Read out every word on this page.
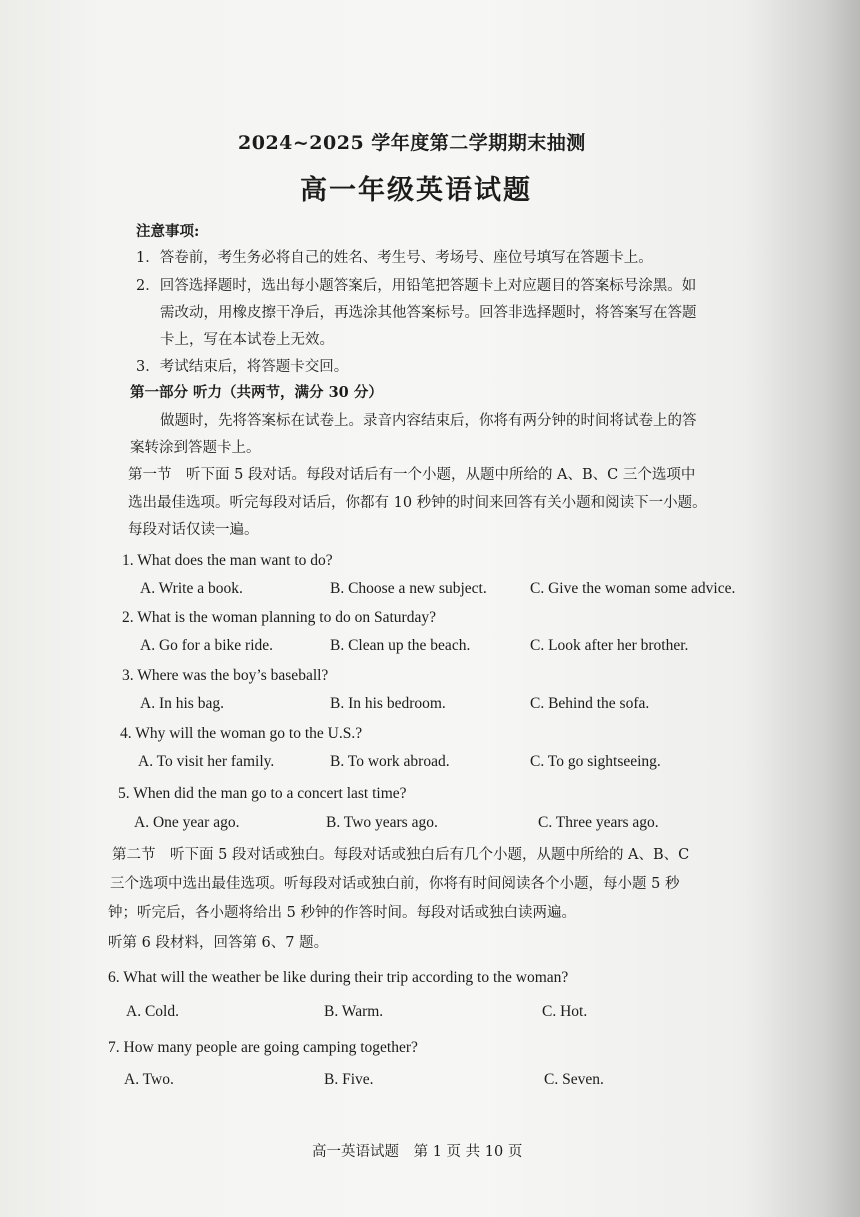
2024~2025 学年度第二学期期末抽测
高一年级英语试题
注意事项:
1．答卷前，考生务必将自己的姓名、考生号、考场号、座位号填写在答题卡上。
2．回答选择题时，选出每小题答案后，用铅笔把答题卡上对应题目的答案标号涂黑。如
需改动，用橡皮擦干净后，再选涂其他答案标号。回答非选择题时，将答案写在答题
卡上，写在本试卷上无效。
3．考试结束后，将答题卡交回。
第一部分 听力（共两节，满分 30 分）
做题时，先将答案标在试卷上。录音内容结束后，你将有两分钟的时间将试卷上的答
案转涂到答题卡上。
第一节　听下面 5 段对话。每段对话后有一个小题，从题中所给的 A、B、C 三个选项中
选出最佳选项。听完每段对话后，你都有 10 秒钟的时间来回答有关小题和阅读下一小题。
每段对话仅读一遍。
1. What does the man want to do?
A. Write a book.	B. Choose a new subject.	C. Give the woman some advice.
2. What is the woman planning to do on Saturday?
A. Go for a bike ride.	B. Clean up the beach.	C. Look after her brother.
3. Where was the boy’s baseball?
A. In his bag.	B. In his bedroom.	C. Behind the sofa.
4. Why will the woman go to the U.S.?
A. To visit her family.	B. To work abroad.	C. To go sightseeing.
5. When did the man go to a concert last time?
A. One year ago.	B. Two years ago.	C. Three years ago.
第二节　听下面 5 段对话或独白。每段对话或独白后有几个小题，从题中所给的 A、B、C
三个选项中选出最佳选项。听每段对话或独白前，你将有时间阅读各个小题，每小题 5 秒
钟；听完后，各小题将给出 5 秒钟的作答时间。每段对话或独白读两遍。
听第 6 段材料，回答第 6、7 题。
6. What will the weather be like during their trip according to the woman?
A. Cold.	B. Warm.	C. Hot.
7. How many people are going camping together?
A. Two.	B. Five.	C. Seven.
高一英语试题 第 1 页 共 10 页
